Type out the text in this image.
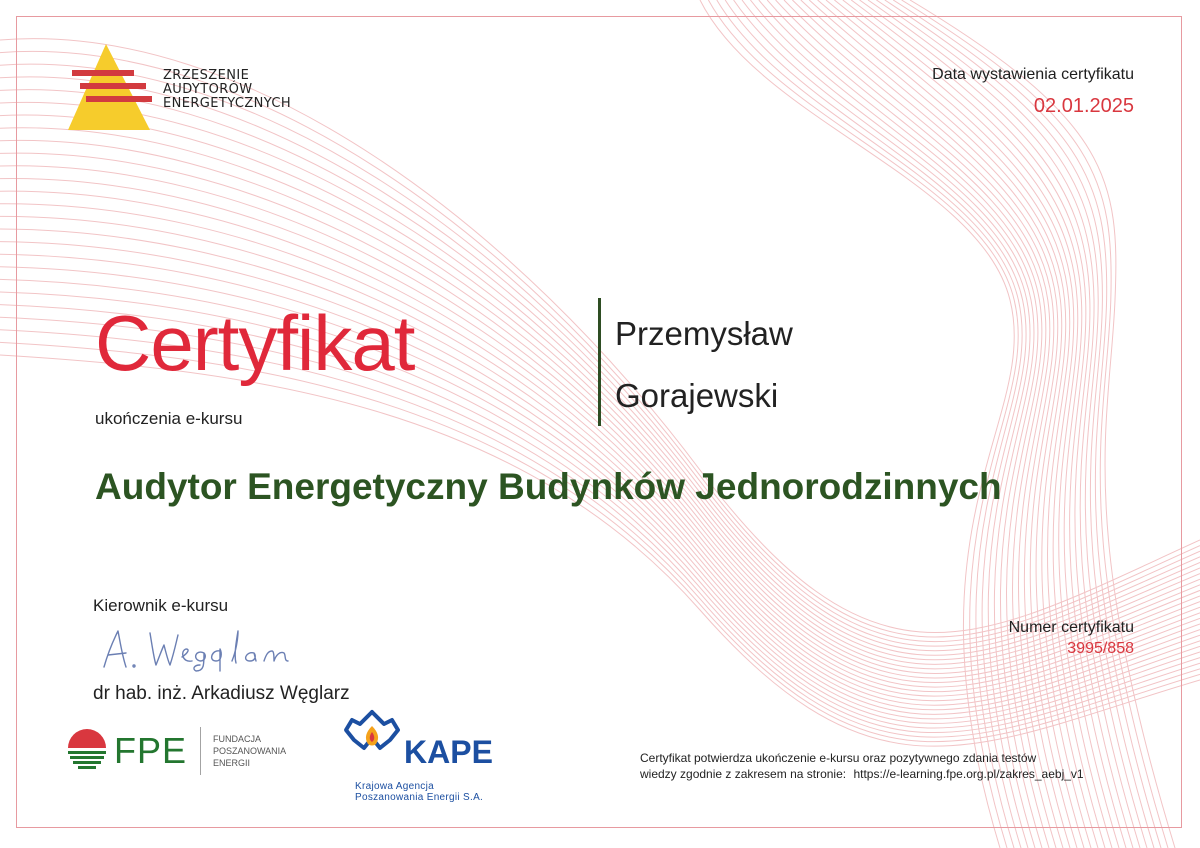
ZRZESZENIE
AUDYTORÓW
ENERGETYCZNYCH
Data wystawienia certyfikatu
02.01.2025
Certyfikat
ukończenia e-kursu
Przemysław
Gorajewski
Audytor Energetyczny Budynków Jednorodzinnych
Kierownik e-kursu
dr hab. inż. Arkadiusz Węglarz
Numer certyfikatu
3995/858
FPE	FUNDACJA
POSZANOWANIA
ENERGII	KAPE
Krajowa Agencja
Poszanowania Energii S.A.
Certyfikat potwierdza ukończenie e-kursu oraz pozytywnego zdania testów
wiedzy zgodnie z zakresem na stronie: https://e-learning.fpe.org.pl/zakres_aebj_v1
